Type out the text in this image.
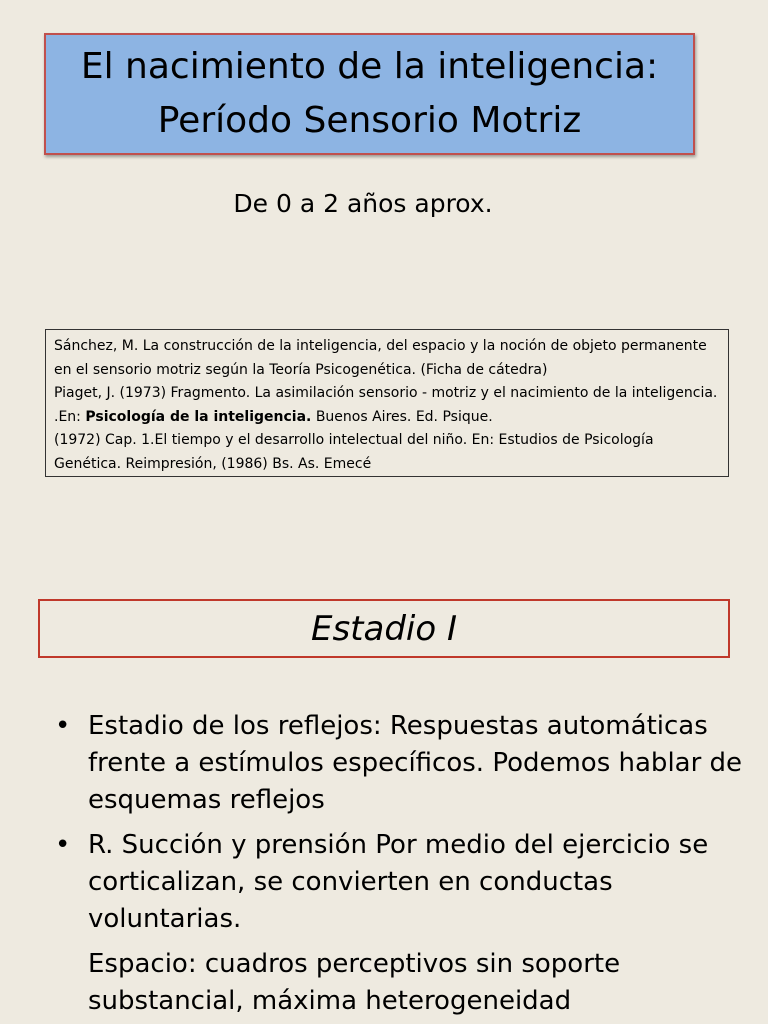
El nacimiento de la inteligencia:
Período Sensorio Motriz
De 0 a 2 años aprox.
Sánchez, M. La construcción de la inteligencia, del espacio y la noción de objeto permanente en el sensorio motriz según la Teoría Psicogenética. (Ficha de cátedra)
Piaget, J. (1973) Fragmento. La asimilación sensorio - motriz y el nacimiento de la inteligencia. .En: Psicología de la inteligencia. Buenos Aires. Ed. Psique.
(1972) Cap. 1.El tiempo y el desarrollo intelectual del niño. En: Estudios de Psicología Genética. Reimpresión, (1986) Bs. As. Emecé
Estadio I
• Estadio de los reflejos: Respuestas automáticas frente a estímulos específicos. Podemos hablar de esquemas reflejos
• R. Succión y prensión Por medio del ejercicio se corticalizan, se convierten en conductas voluntarias.
Espacio: cuadros perceptivos sin soporte substancial, máxima heterogeneidad
